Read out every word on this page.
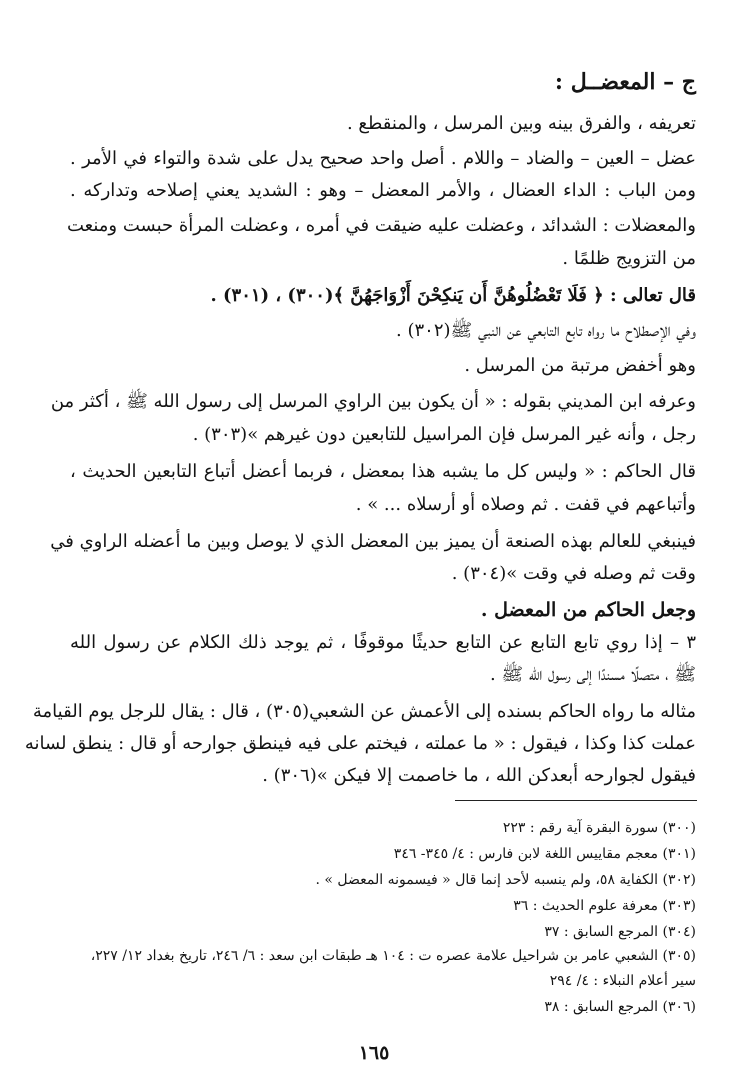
ج – المعضــل :
تعريفه ، والفرق بينه وبين المرسل ، والمنقطع .
عضل – العين – والضاد – واللام . أصل واحد صحيح يدل على شدة والتواء في الأمر .
ومن الباب : الداء العضال ، والأمر المعضل – وهو : الشديد يعني إصلاحه وتداركه .
والمعضلات : الشدائد ، وعضلت عليه ضيقت في أمره ، وعضلت المرأة حبست ومنعت
من التزويج ظلمًا .
قال تعالى : ﴿ فَلَا تَعْضُلُوهُنَّ أَن يَنكِحْنَ أَزْوَاجَهُنَّ ﴾(٣٠٠) ، (٣٠١) .
وفي الإصطلاح ما رواه تابع التابعي عن النبي ﷺ(٣٠٢) .
وهو أخفض مرتبة من المرسل .
وعرفه ابن المديني بقوله : « أن يكون بين الراوي المرسل إلى رسول الله ﷺ ، أكثر من
رجل ، وأنه غير المرسل فإن المراسيل للتابعين دون غيرهم »(٣٠٣) .
قال الحاكم : « وليس كل ما يشبه هذا بمعضل ، فربما أعضل أتباع التابعين الحديث ،
وأتباعهم في قفت . ثم وصلاه أو أرسلاه ... » .
فينبغي للعالم بهذه الصنعة أن يميز بين المعضل الذي لا يوصل وبين ما أعضله الراوي في
وقت ثم وصله في وقت »(٣٠٤) .
وجعل الحاكم من المعضل .
٣ – إذا روي تابع التابع عن التابع حديثًا موقوفًا ، ثم يوجد ذلك الكلام عن رسول الله
ﷺ ، متصلًا مسندًا إلى رسول الله ﷺ .
مثاله ما رواه الحاكم بسنده إلى الأعمش عن الشعبي(٣٠٥) ، قال : يقال للرجل يوم القيامة
عملت كذا وكذا ، فيقول : « ما عملته ، فيختم على فيه فينطق جوارحه أو قال : ينطق لسانه
فيقول لجوارحه أبعدكن الله ، ما خاصمت إلا فيكن »(٣٠٦) .
(٣٠٠) سورة البقرة آية رقم : ٢٢٣
(٣٠١) معجم مقاييس اللغة لابن فارس : ٤/ ٣٤٥- ٣٤٦
(٣٠٢) الكفاية ٥٨، ولم ينسبه لأحد إنما قال « فيسمونه المعضل » .
(٣٠٣) معرفة علوم الحديث : ٣٦
(٣٠٤) المرجع السابق : ٣٧
(٣٠٥) الشعبي عامر بن شراحيل علامة عصره ت : ١٠٤ هـ طبقات ابن سعد : ٦/ ٢٤٦، تاريخ بغداد ١٢/ ٢٢٧،
سير أعلام النبلاء : ٤/ ٢٩٤
(٣٠٦) المرجع السابق : ٣٨
١٦٥
